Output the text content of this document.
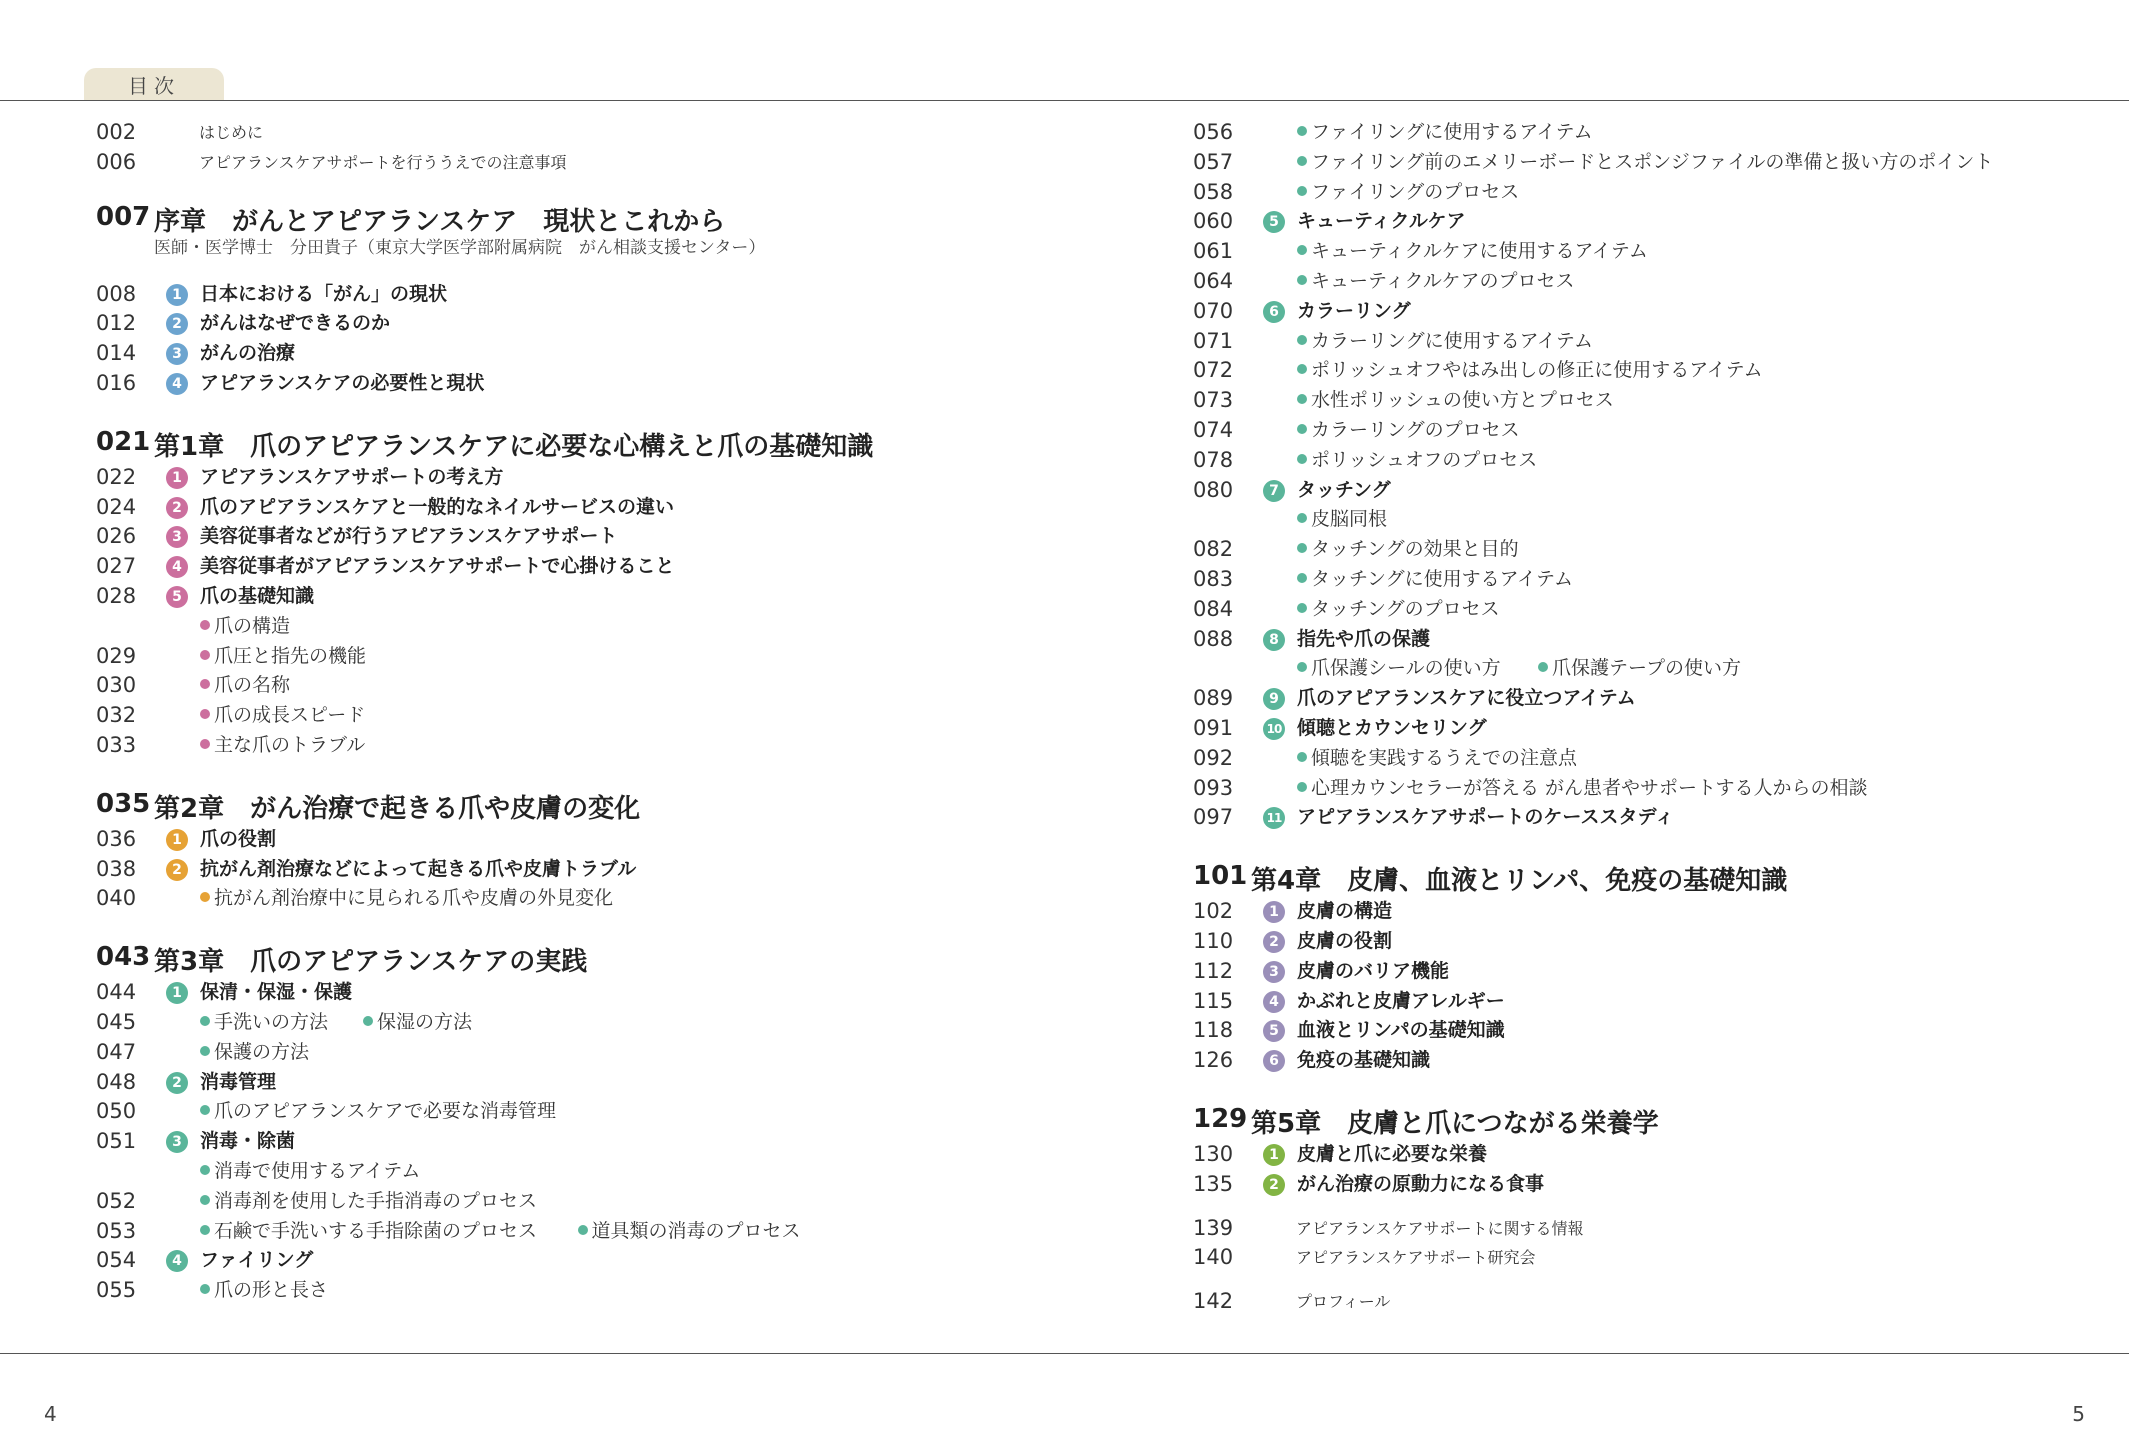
目次
002	はじめに
006	アピアランスケアサポートを行ううえでの注意事項
007 序章　がんとアピアランスケア　現状とこれから
医師・医学博士　分田貴子（東京大学医学部附属病院　がん相談支援センター）
008	1 日本における「がん」の現状
012	2 がんはなぜできるのか
014	3 がんの治療
016	4 アピアランスケアの必要性と現状
021 第1章　爪のアピアランスケアに必要な心構えと爪の基礎知識
022	1 アピアランスケアサポートの考え方
024	2 爪のアピアランスケアと一般的なネイルサービスの違い
026	3 美容従事者などが行うアピアランスケアサポート
027	4 美容従事者がアピアランスケアサポートで心掛けること
028	5 爪の基礎知識
爪の構造
029	爪圧と指先の機能
030	爪の名称
032	爪の成長スピード
033	主な爪のトラブル
035 第2章　がん治療で起きる爪や皮膚の変化
036	1 爪の役割
038	2 抗がん剤治療などによって起きる爪や皮膚トラブル
040	抗がん剤治療中に見られる爪や皮膚の外見変化
043 第3章　爪のアピアランスケアの実践
044	1 保清・保湿・保護
045	手洗いの方法	保湿の方法
047	保護の方法
048	2 消毒管理
050	爪のアピアランスケアで必要な消毒管理
051	3 消毒・除菌
消毒で使用するアイテム
052	消毒剤を使用した手指消毒のプロセス
053	石鹸で手洗いする手指除菌のプロセス	道具類の消毒のプロセス
054	4 ファイリング
055	爪の形と長さ
056	ファイリングに使用するアイテム
057	ファイリング前のエメリーボードとスポンジファイルの準備と扱い方のポイント
058	ファイリングのプロセス
060	5 キューティクルケア
061	キューティクルケアに使用するアイテム
064	キューティクルケアのプロセス
070	6 カラーリング
071	カラーリングに使用するアイテム
072	ポリッシュオフやはみ出しの修正に使用するアイテム
073	水性ポリッシュの使い方とプロセス
074	カラーリングのプロセス
078	ポリッシュオフのプロセス
080	7 タッチング
皮脳同根
082	タッチングの効果と目的
083	タッチングに使用するアイテム
084	タッチングのプロセス
088	8 指先や爪の保護
爪保護シールの使い方	爪保護テープの使い方
089	9 爪のアピアランスケアに役立つアイテム
091	10 傾聴とカウンセリング
092	傾聴を実践するうえでの注意点
093	心理カウンセラーが答える がん患者やサポートする人からの相談
097	11 アピアランスケアサポートのケーススタディ
101 第4章　皮膚、血液とリンパ、免疫の基礎知識
102	1 皮膚の構造
110	2 皮膚の役割
112	3 皮膚のバリア機能
115	4 かぶれと皮膚アレルギー
118	5 血液とリンパの基礎知識
126	6 免疫の基礎知識
129 第5章　皮膚と爪につながる栄養学
130	1 皮膚と爪に必要な栄養
135	2 がん治療の原動力になる食事
139	アピアランスケアサポートに関する情報
140	アピアランスケアサポート研究会
142	プロフィール
4	5
